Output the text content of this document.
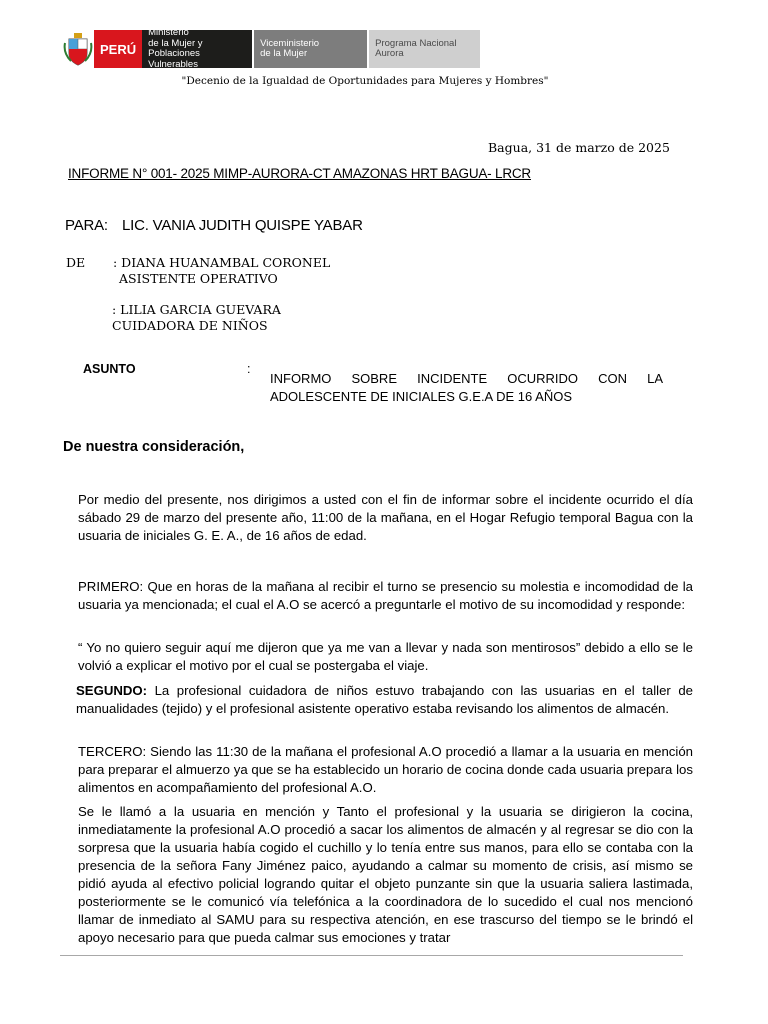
PERÚ
Ministerio
de la Mujer y
Poblaciones Vulnerables
Viceministerio
de la Mujer
Programa Nacional
Aurora
"Decenio de la Igualdad de Oportunidades para Mujeres y Hombres"
Bagua, 31 de marzo de 2025
INFORME N° 001- 2025 MIMP-AURORA-CT AMAZONAS HRT BAGUA- LRCR
PARA: LIC. VANIA JUDITH QUISPE YABAR
DE : DIANA HUANAMBAL CORONEL
ASISTENTE OPERATIVO
: LILIA GARCIA GUEVARA
CUIDADORA DE NIÑOS
ASUNTO	:
INFORMO SOBRE INCIDENTE OCURRIDO CON LA ADOLESCENTE DE INICIALES G.E.A DE 16 AÑOS
De nuestra consideración,
Por medio del presente, nos dirigimos a usted con el fin de informar sobre el incidente ocurrido el día sábado 29 de marzo del presente año, 11:00 de la mañana, en el Hogar Refugio temporal Bagua con la usuaria de iniciales G. E. A., de 16 años de edad.
PRIMERO: Que en horas de la mañana al recibir el turno se presencio su molestia e incomodidad de la usuaria ya mencionada; el cual el A.O se acercó a preguntarle el motivo de su incomodidad y responde:
“ Yo no quiero seguir aquí me dijeron que ya me van a llevar y nada son mentirosos” debido a ello se le volvió a explicar el motivo por el cual se postergaba el viaje.
SEGUNDO: La profesional cuidadora de niños estuvo trabajando con las usuarias en el taller de manualidades (tejido) y el profesional asistente operativo estaba revisando los alimentos de almacén.
TERCERO: Siendo las 11:30 de la mañana el profesional A.O procedió a llamar a la usuaria en mención para preparar el almuerzo ya que se ha establecido un horario de cocina donde cada usuaria prepara los alimentos en acompañamiento del profesional A.O.
Se le llamó a la usuaria en mención y Tanto el profesional y la usuaria se dirigieron la cocina, inmediatamente la profesional A.O procedió a sacar los alimentos de almacén y al regresar se dio con la sorpresa que la usuaria había cogido el cuchillo y lo tenía entre sus manos, para ello se contaba con la presencia de la señora Fany Jiménez paico, ayudando a calmar su momento de crisis, así mismo se pidió ayuda al efectivo policial logrando quitar el objeto punzante sin que la usuaria saliera lastimada, posteriormente se le comunicó vía telefónica a la coordinadora de lo sucedido el cual nos mencionó llamar de inmediato al SAMU para su respectiva atención, en ese trascurso del tiempo se le brindó el apoyo necesario para que pueda calmar sus emociones y tratar
